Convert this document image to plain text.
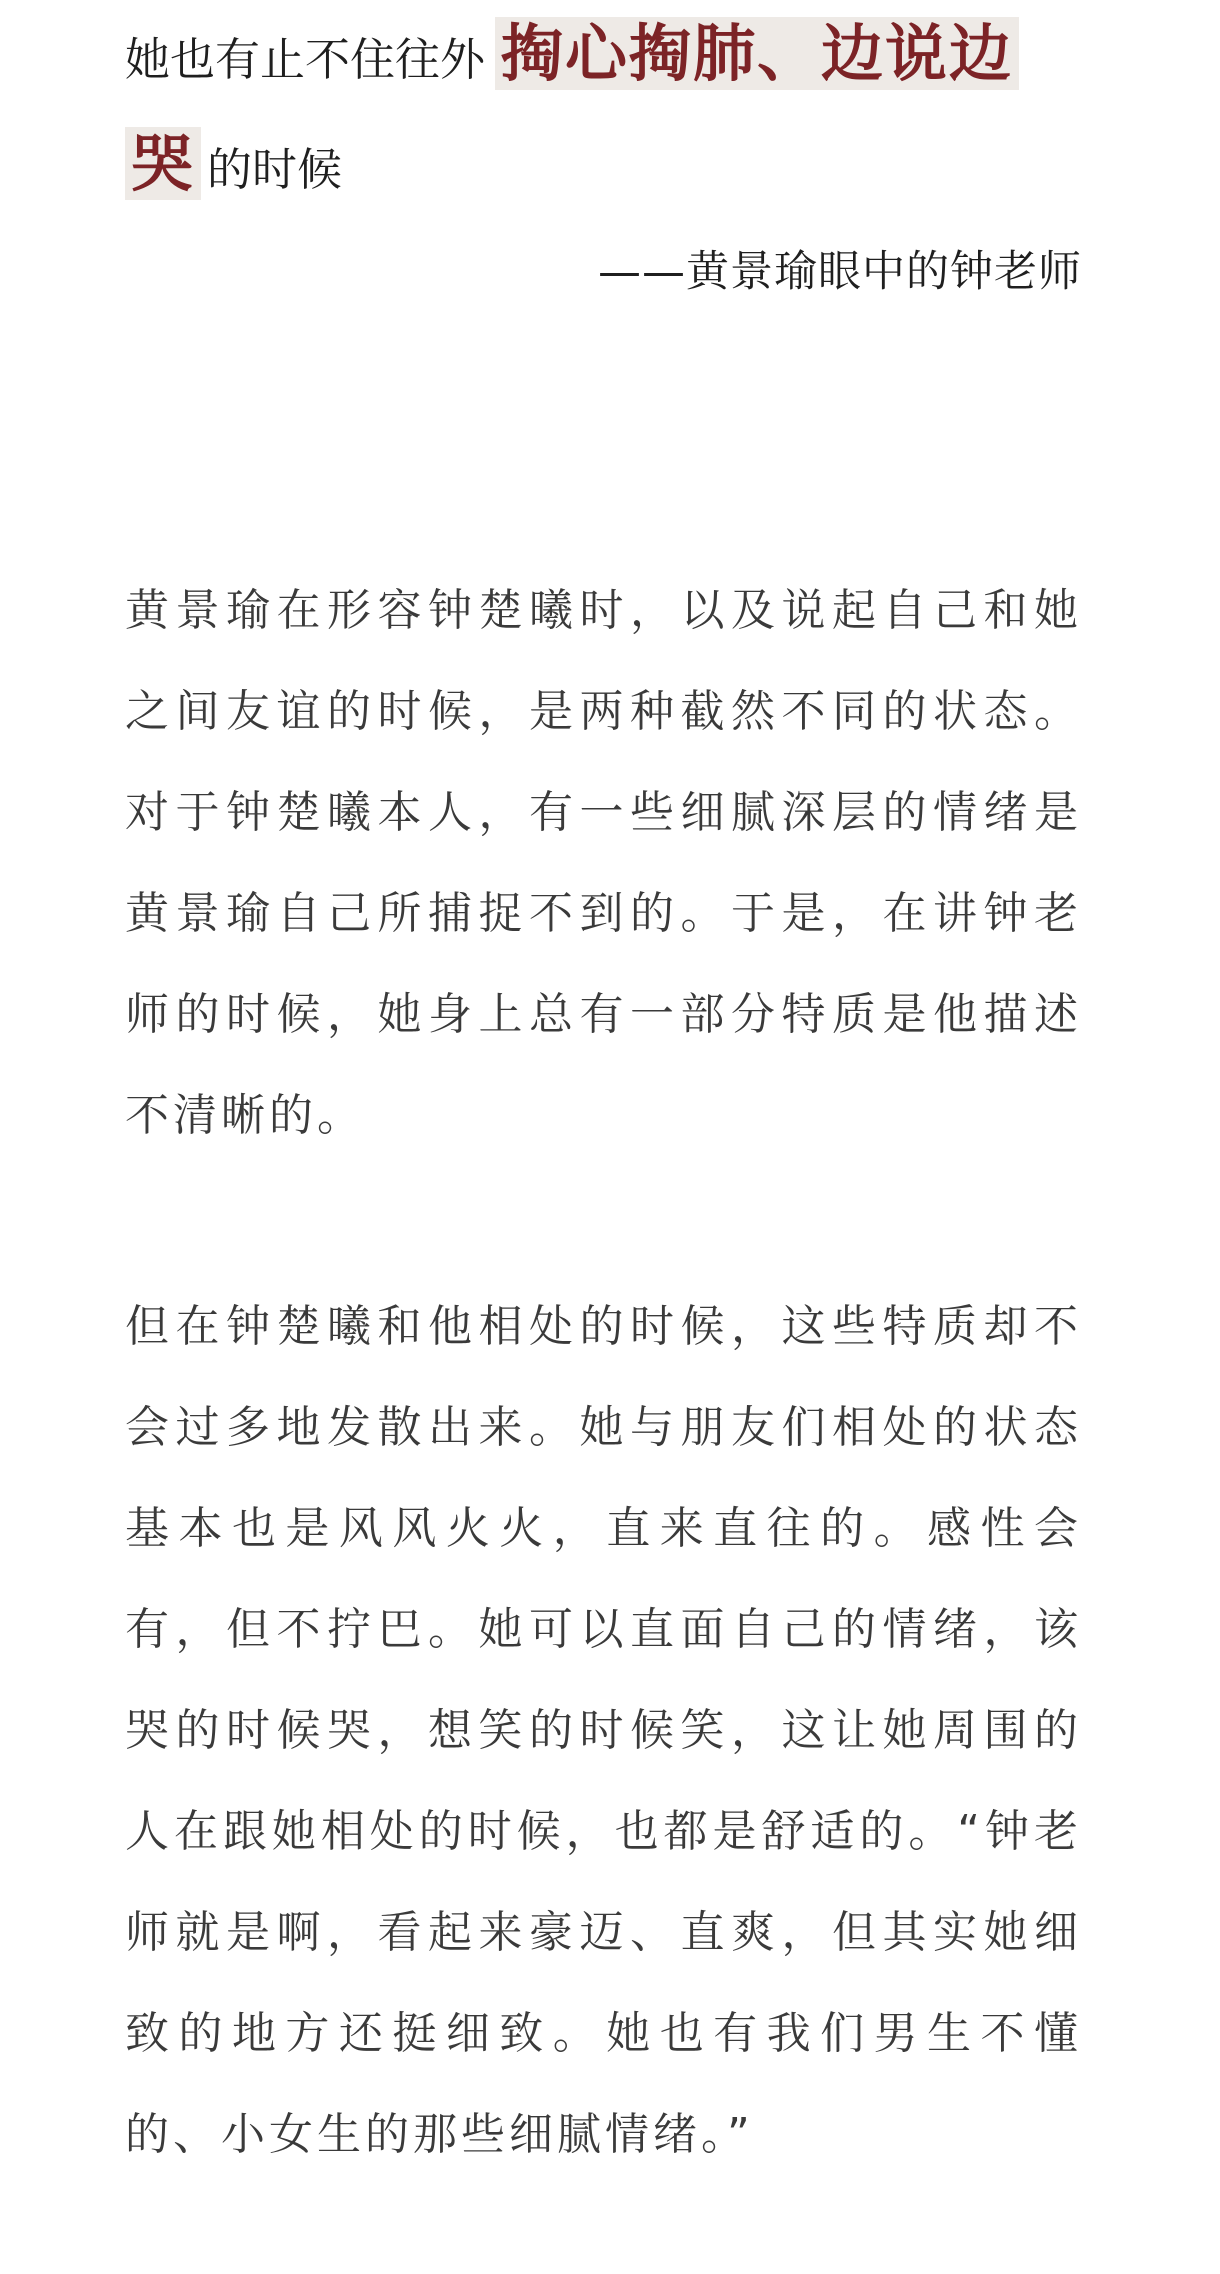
她也有止不住往外 掏心掏肺、边说边
哭 的时候
——黄景瑜眼中的钟老师

黄景瑜在形容钟楚曦时，以及说起自己和她之间友谊的时候，是两种截然不同的状态。对于钟楚曦本人，有一些细腻深层的情绪是黄景瑜自己所捕捉不到的。于是，在讲钟老师的时候，她身上总有一部分特质是他描述不清晰的。

但在钟楚曦和他相处的时候，这些特质却不会过多地发散出来。她与朋友们相处的状态基本也是风风火火，直来直往的。感性会有，但不拧巴。她可以直面自己的情绪，该哭的时候哭，想笑的时候笑，这让她周围的人在跟她相处的时候，也都是舒适的。“钟老师就是啊，看起来豪迈、直爽，但其实她细致的地方还挺细致。她也有我们男生不懂的、小女生的那些细腻情绪。”
